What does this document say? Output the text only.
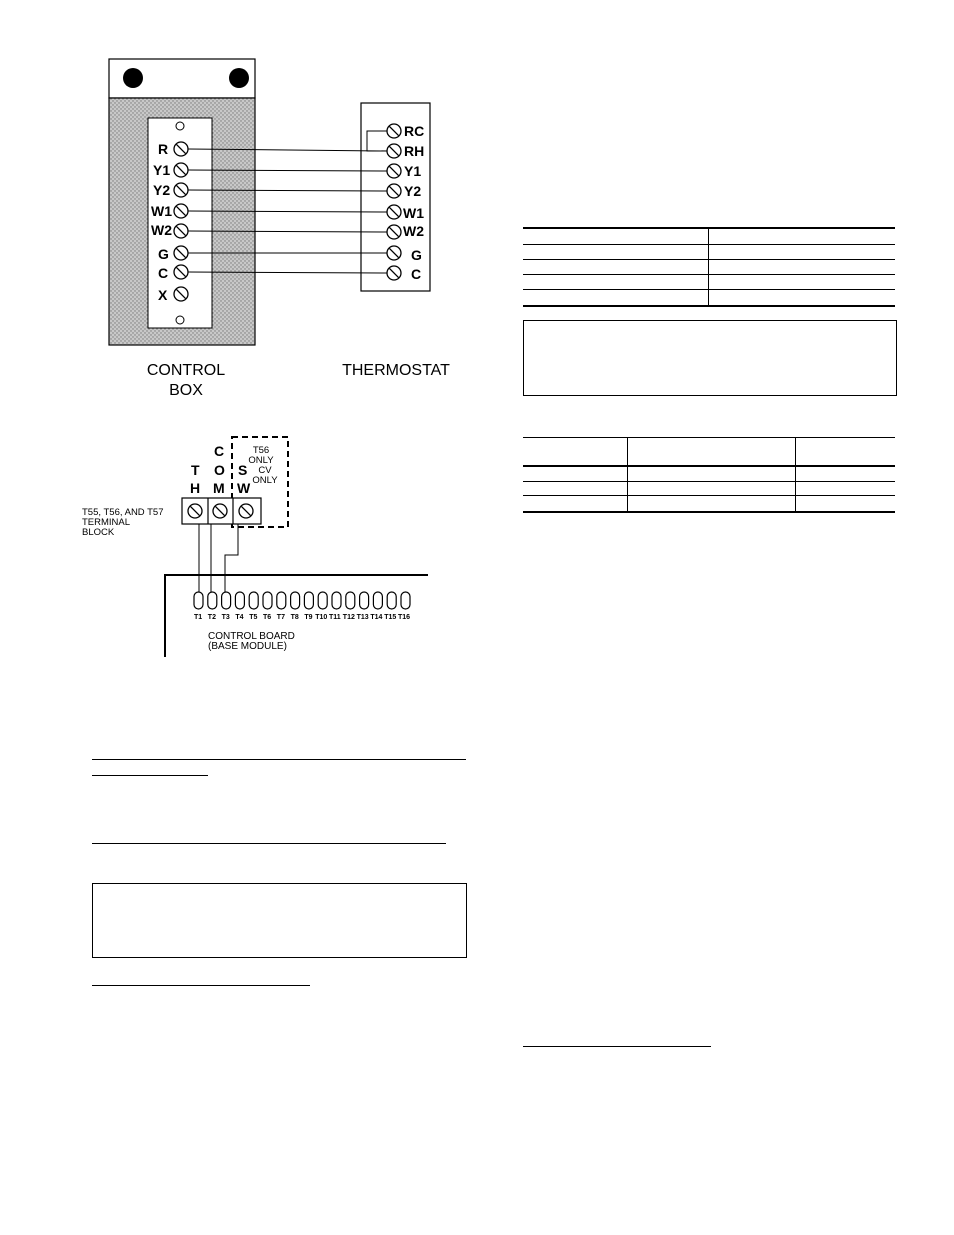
R
Y1
Y2
W1
W2
G
C
X
RC
RH
Y1
Y2
W1
W2
G
C
CONTROL
BOX
THERMOSTAT
T
H
C
O
M
S
W
T56 ONLY
CV
ONLY
T55, T56, AND T57
TERMINAL
BLOCK
T1 T2 T3 T4 T5 T6 T7 T8 T9 T10 T11 T12 T13 T14 T15 T16
CONTROL BOARD
(BASE MODULE)
